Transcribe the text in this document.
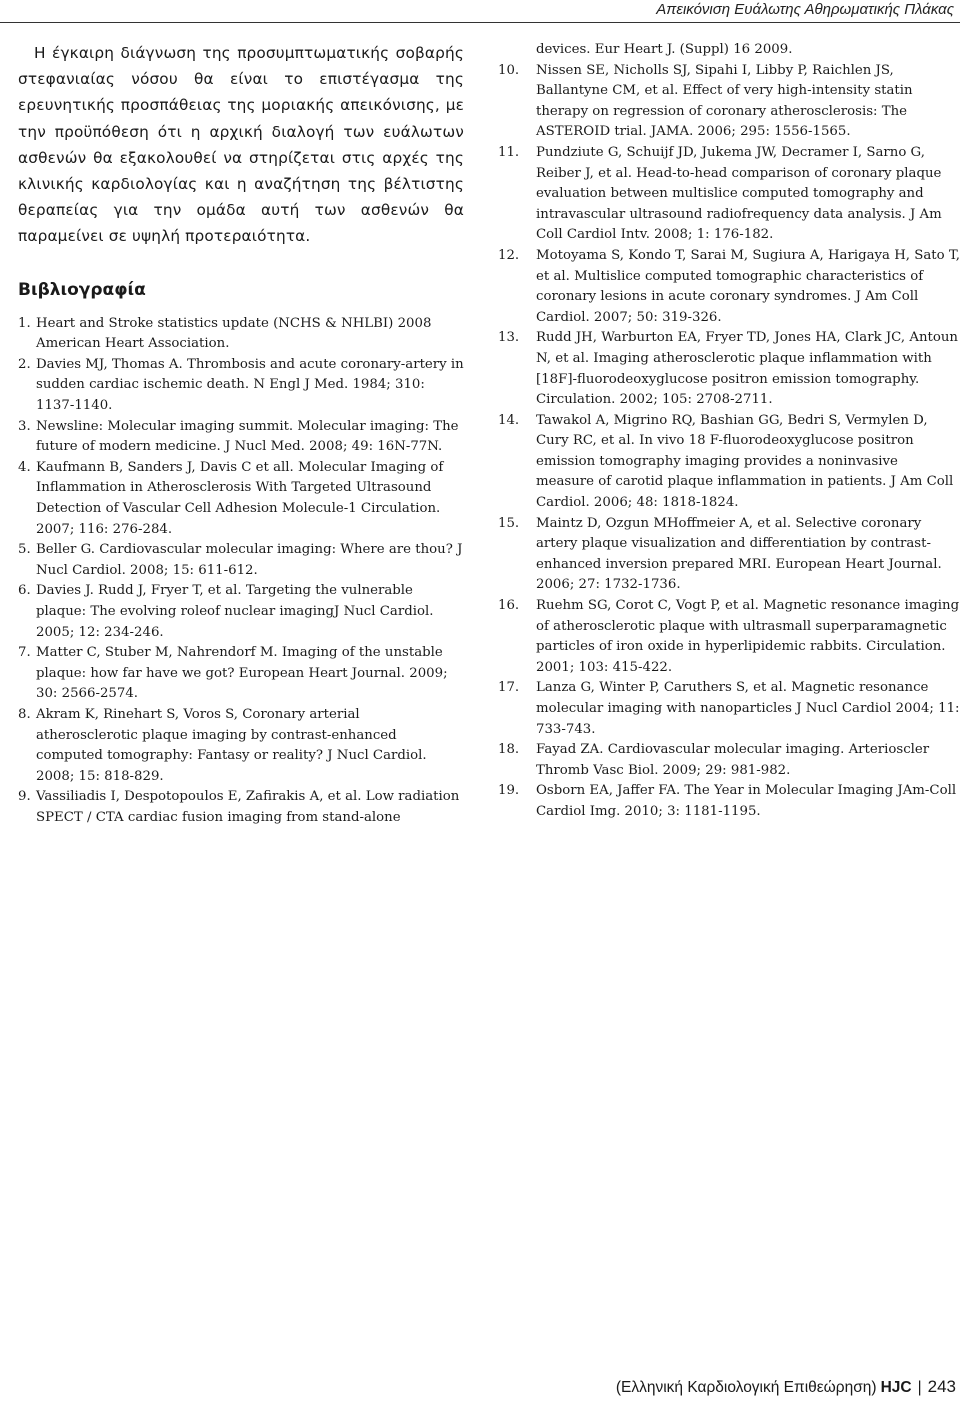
Απεικόνιση Ευάλωτης Αθηρωματικής Πλάκας

Η έγκαιρη διάγνωση της προσυμπτωματικής σοβαρής στεφανιαίας νόσου θα είναι το επιστέγασμα της ερευνητικής προσπάθειας της μοριακής απεικόνισης, με την προϋπόθεση ότι η αρχική διαλογή των ευάλωτων ασθενών θα εξακολουθεί να στηρίζεται στις αρχές της κλινικής καρδιολογίας και η αναζήτηση της βέλτιστης θεραπείας για την ομάδα αυτή των ασθενών θα παραμείνει σε υψηλή προτεραιότητα.

Βιβλιογραφία
1. Heart and Stroke statistics update (NCHS & NHLBI) 2008 American Heart Association.
2. Davies MJ, Thomas A. Thrombosis and acute coronary-artery in sudden cardiac ischemic death. N Engl J Med. 1984; 310: 1137-1140.
3. Newsline: Molecular imaging summit. Molecular imaging: The future of modern medicine. J Nucl Med. 2008; 49: 16N-77N.
4. Kaufmann B, Sanders J, Davis C et all. Molecular Imaging of Inflammation in Atherosclerosis With Targeted Ultrasound Detection of Vascular Cell Adhesion Molecule-1 Circulation. 2007; 116: 276-284.
5. Beller G. Cardiovascular molecular imaging: Where are thou? J Nucl Cardiol. 2008; 15: 611-612.
6. Davies J. Rudd J, Fryer T, et al. Targeting the vulnerable plaque: The evolving roleof nuclear imagingJ Nucl Cardiol. 2005; 12: 234-246.
7. Matter C, Stuber M, Nahrendorf M. Imaging of the unstable plaque: how far have we got? European Heart Journal. 2009; 30: 2566-2574.
8. Akram K, Rinehart S, Voros S, Coronary arterial atherosclerotic plaque imaging by contrast-enhanced computed tomography: Fantasy or reality? J Nucl Cardiol. 2008; 15: 818-829.
9. Vassiliadis I, Despotopoulos E, Zafirakis A, et al. Low radiation SPECT / CTA cardiac fusion imaging from stand-alone
devices. Eur Heart J. (Suppl) 16 2009.
10. Nissen SE, Nicholls SJ, Sipahi I, Libby P, Raichlen JS, Ballantyne CM, et al. Effect of very high-intensity statin therapy on regression of coronary atherosclerosis: The ASTEROID trial. JAMA. 2006; 295: 1556-1565.
11. Pundziute G, Schuijf JD, Jukema JW, Decramer I, Sarno G, Reiber J, et al. Head-to-head comparison of coronary plaque evaluation between multislice computed tomography and intravascular ultrasound radiofrequency data analysis. J Am Coll Cardiol Intv. 2008; 1: 176-182.
12. Motoyama S, Kondo T, Sarai M, Sugiura A, Harigaya H, Sato T, et al. Multislice computed tomographic characteristics of coronary lesions in acute coronary syndromes. J Am Coll Cardiol. 2007; 50: 319-326.
13. Rudd JH, Warburton EA, Fryer TD, Jones HA, Clark JC, Antoun N, et al. Imaging atherosclerotic plaque inflammation with [18F]-fluorodeoxyglucose positron emission tomography. Circulation. 2002; 105: 2708-2711.
14. Tawakol A, Migrino RQ, Bashian GG, Bedri S, Vermylen D, Cury RC, et al. In vivo 18 F-fluorodeoxyglucose positron emission tomography imaging provides a noninvasive measure of carotid plaque inflammation in patients. J Am Coll Cardiol. 2006; 48: 1818-1824.
15. Maintz D, Ozgun MHoffmeier A, et al. Selective coronary artery plaque visualization and differentiation by contrast-enhanced inversion prepared MRI. European Heart Journal. 2006; 27: 1732-1736.
16. Ruehm SG, Corot C, Vogt P, et al. Magnetic resonance imaging of atherosclerotic plaque with ultrasmall superparamagnetic particles of iron oxide in hyperlipidemic rabbits. Circulation. 2001; 103: 415-422.
17. Lanza G, Winter P, Caruthers S, et al. Magnetic resonance molecular imaging with nanoparticles J Nucl Cardiol 2004; 11: 733-743.
18. Fayad ZA. Cardiovascular molecular imaging. Arterioscler Thromb Vasc Biol. 2009; 29: 981-982.
19. Osborn EA, Jaffer FA. The Year in Molecular Imaging JAm-Coll Cardiol Img. 2010; 3: 1181-1195.
(Ελληνική Καρδιολογική Επιθεώρηση) HJC | 243
